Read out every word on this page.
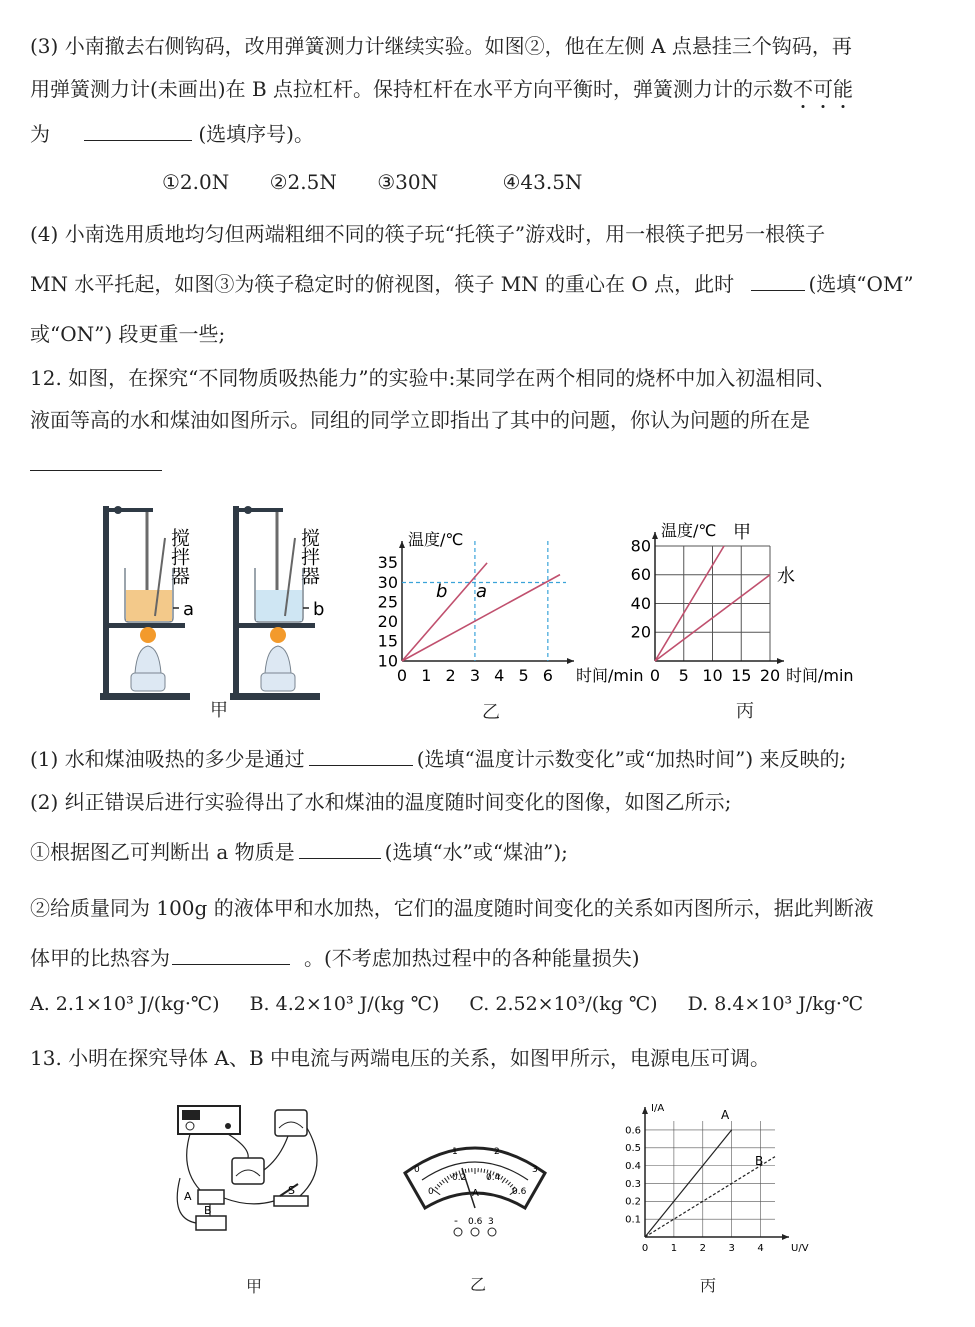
(3) 小南撤去右侧钩码，改用弹簧测力计继续实验。如图②，他在左侧 A 点悬挂三个钩码，再
用弹簧测力计(未画出)在 B 点拉杠杆。保持杠杆在水平方向平衡时，弹簧测力计的示数不可能
为	(选填序号)。
①2.0N ②2.5N ③30N	④43.5N
(4) 小南选用质地均匀但两端粗细不同的筷子玩“托筷子”游戏时，用一根筷子把另一根筷子
MN 水平托起，如图③为筷子稳定时的俯视图，筷子 MN 的重心在 O 点，此时	(选填“OM”
或“ON”) 段更重一些;
12. 如图，在探究“不同物质吸热能力”的实验中:某同学在两个相同的烧杯中加入初温相同、
液面等高的水和煤油如图所示。同组的同学立即指出了其中的问题，你认为问题的所在是
搅拌器
a
搅拌器
b
甲
0 1 2 3 4 5 6
10
15
20
25
30
35
时间/min
温度/℃
b a
乙
0 5 10 15 20
20
40
60
80
时间/min
温度/℃ 甲
水
丙
(1) 水和煤油吸热的多少是通过	(选填“温度计示数变化”或“加热时间”) 来反映的;
(2) 纠正错误后进行实验得出了水和煤油的温度随时间变化的图像，如图乙所示;
①根据图乙可判断出 a 物质是	(选填“水”或“煤油”);
②给质量同为 100g 的液体甲和水加热，它们的温度随时间变化的关系如丙图所示，据此判断液
体甲的比热容为	。(不考虑加热过程中的各种能量损失)
A. 2.1×10³ J/(kg·℃) B. 4.2×10³ J/(kg ℃) C. 2.52×10³/(kg ℃) D. 8.4×10³ J/kg·℃
13. 小明在探究导体 A、B 中电流与两端电压的关系，如图甲所示，电源电压可调。
A
B
S
甲
0
1	2
3
0
0.2 0.4
0.6
A
- 0.6 3
乙
0 1 2 3 4
0.1
0.2
0.3
0.4
0.5
0.6
U/V
I/A	A
B
丙
